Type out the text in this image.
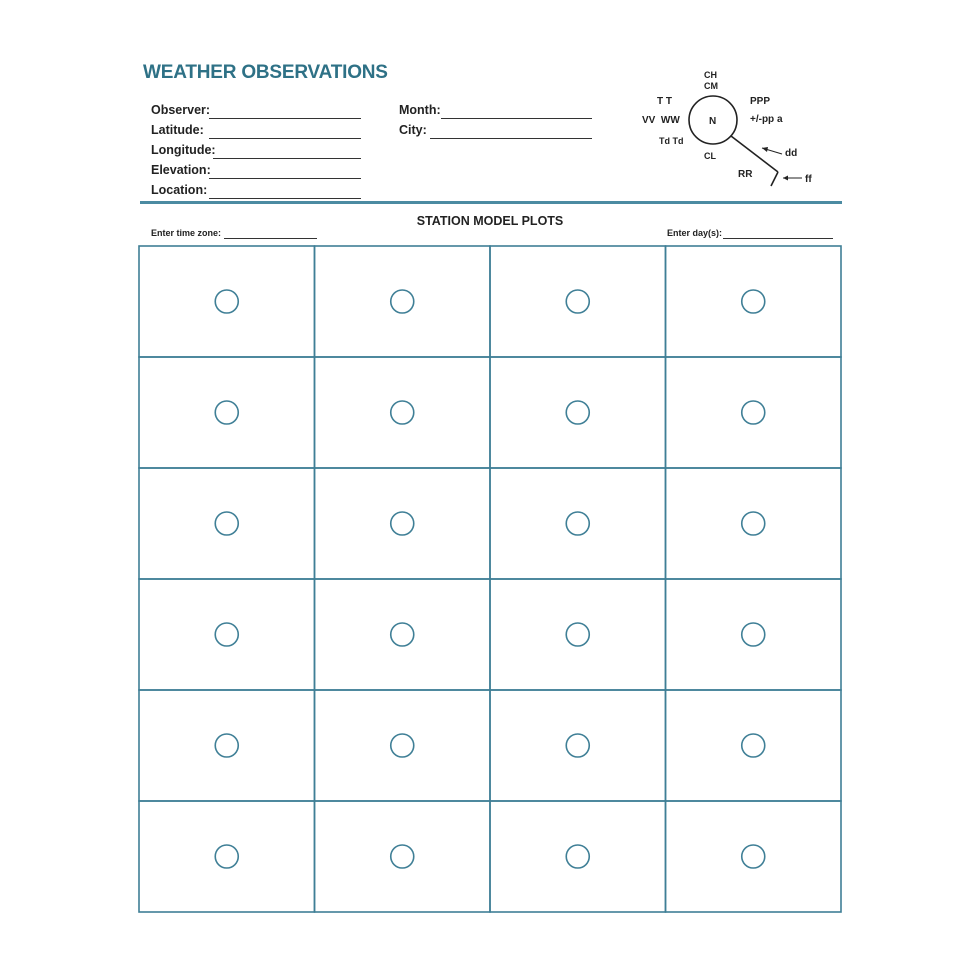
WEATHER OBSERVATIONS
Observer:
Latitude:
Longitude:
Elevation:
Location:
Month:
City:
CH
CM
T T	PPP
VV  WW	N	+/-pp a
Td Td
CL	dd
RR	ff
STATION MODEL PLOTS
Enter time zone:	Enter day(s):
